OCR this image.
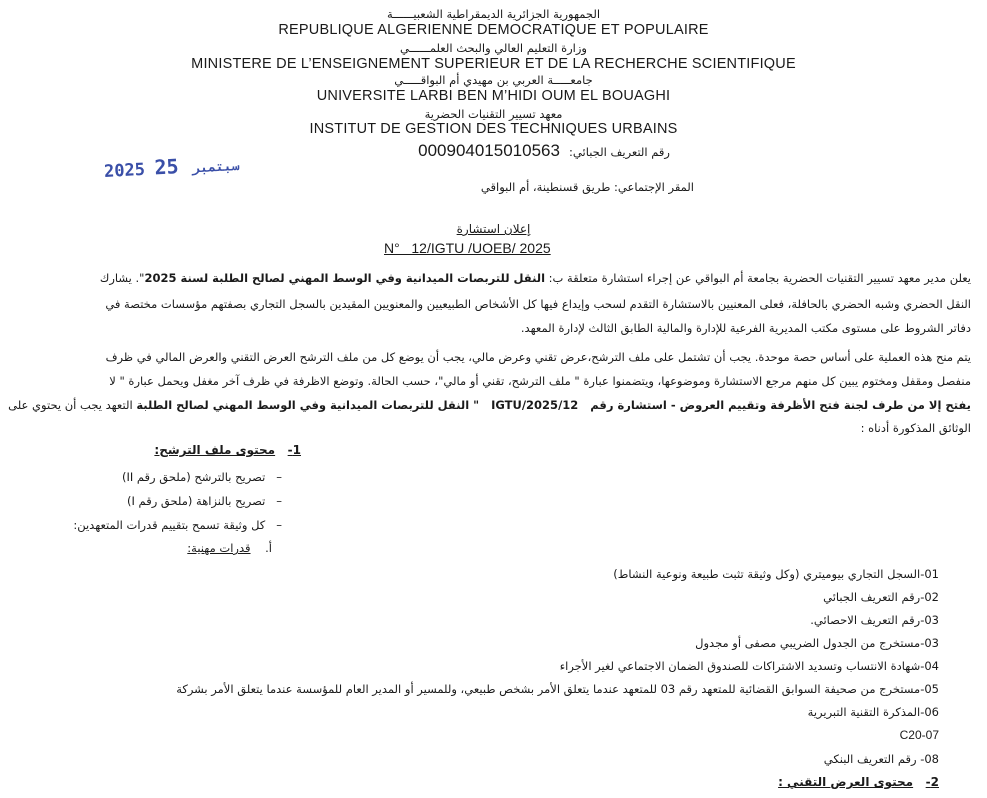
الجمهورية الجزائرية الديمقراطية الشعبيــــــة
REPUBLIQUE ALGERIENNE DEMOCRATIQUE ET POPULAIRE
وزارة التعليم العالي والبحث العلمــــــي
MINISTERE DE L’ENSEIGNEMENT SUPERIEUR ET DE LA RECHERCHE SCIENTIFIQUE
جامعـــــة العربي بن مهيدي أم البواقـــــي
UNIVERSITE LARBI BEN M’HIDI OUM EL BOUAGHI
معهد تسيير التقنيات الحضرية
INSTITUT DE GESTION DES TECHNIQUES URBAINS
رقم التعريف الجبائي: 000904015010563
2025	سبتمبر 25
المقر الإجتماعي: طريق قسنطينة، أم البواقي
إعلان استشارة
N°   12/IGTU /UOEB/ 2025
يعلن مدير معهد تسيير التقنيات الحضرية بجامعة أم البواقي عن إجراء استشارة متعلقة ب: النقل للتربصات الميدانية وفي الوسط المهني لصالح الطلبة لسنة 2025". يشارك
النقل الحضري وشبه الحضري بالحافلة، فعلى المعنيين بالاستشارة التقدم لسحب وإيداع فيها كل الأشخاص الطبيعيين والمعنويين المقيدين بالسجل التجاري بصفتهم مؤسسات مختصة في
دفاتر الشروط على مستوى مكتب المديرية الفرعية للإدارة والمالية الطابق الثالث لإدارة المعهد.
يتم منح هذه العملية على أساس حصة موحدة. يجب أن تشتمل على ملف الترشح،عرض تقني وعرض مالي، يجب أن يوضع كل من ملف الترشح العرض التقني والعرض المالي في ظرف
منفصل ومقفل ومختوم يبين كل منهم مرجع الاستشارة وموضوعها، ويتضمنوا عبارة " ملف الترشح، تقني أو مالي"، حسب الحالة. وتوضع الاظرفة في ظرف آخر مغفل ويحمل عبارة " لا
يفتح إلا من طرف لجنة فتح الأظرفة وتقييم العروض - استشارة رقم   12/IGTU/2025   " النقل للتربصات الميدانية وفي الوسط المهني لصالح الطلبة التعهد يجب أن يحتوي على
الوثائق المذكورة أدناه :
1-   محتوى ملف الترشح:
–   تصريح بالترشح (ملحق رقم II)
–   تصريح بالنزاهة (ملحق رقم I)
–   كل وثيقة تسمح بتقييم قدرات المتعهدين:
أ.    قدرات مهنية:
01-السجل التجاري بيوميتري (وكل وثيقة تثبت طبيعة ونوعية النشاط)
02-رقم التعريف الجبائي
03-رقم التعريف الاحصائي.
03-مستخرج من الجدول الضريبي مصفى أو مجدول
04-شهادة الانتساب وتسديد الاشتراكات للصندوق الضمان الاجتماعي لغير الأجراء
05-مستخرج من صحيفة السوابق القضائية للمتعهد رقم 03 للمتعهد عندما يتعلق الأمر بشخص طبيعي، وللمسير أو المدير العام للمؤسسة عندما يتعلق الأمر بشركة
06-المذكرة التقنية التبريرية
C20-07
08- رقم التعريف البنكي
2-   محتوى العرض التقني :
